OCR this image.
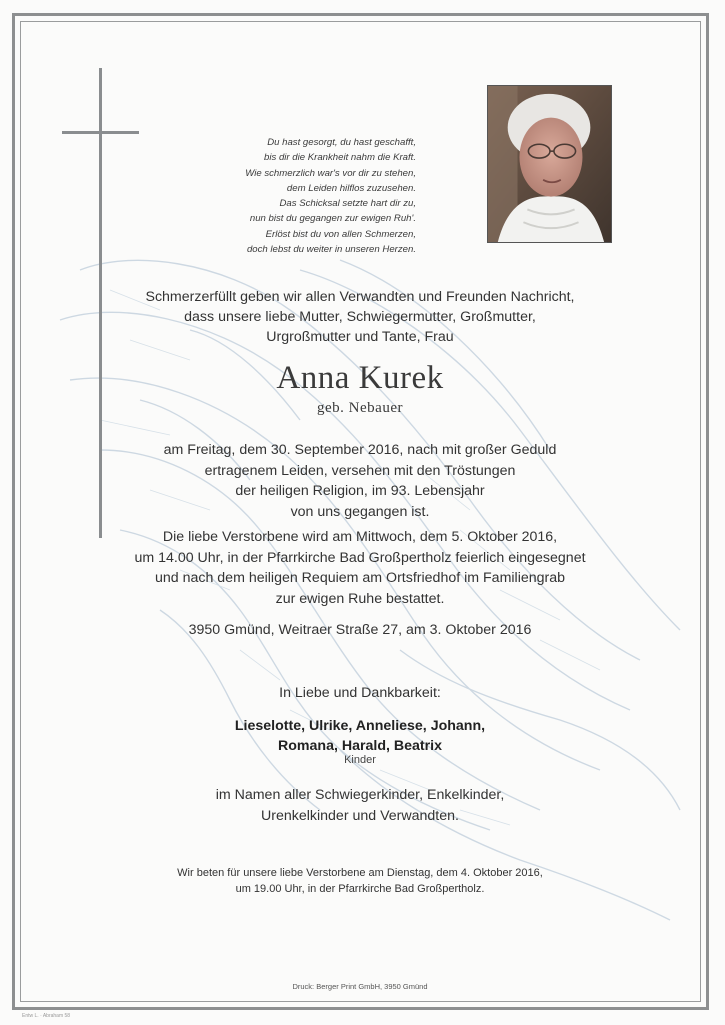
Du hast gesorgt, du hast geschafft,
bis dir die Krankheit nahm die Kraft.
Wie schmerzlich war's vor dir zu stehen,
dem Leiden hilflos zuzusehen.
Das Schicksal setzte hart dir zu,
nun bist du gegangen zur ewigen Ruh'.
Erlöst bist du von allen Schmerzen,
doch lebst du weiter in unseren Herzen.
Schmerzerfüllt geben wir allen Verwandten und Freunden Nachricht,
dass unsere liebe Mutter, Schwiegermutter, Großmutter,
Urgroßmutter und Tante, Frau
Anna Kurek
geb. Nebauer
am Freitag, dem 30. September 2016, nach mit großer Geduld
ertragenem Leiden, versehen mit den Tröstungen
der heiligen Religion, im 93. Lebensjahr
von uns gegangen ist.
Die liebe Verstorbene wird am Mittwoch, dem 5. Oktober 2016,
um 14.00 Uhr, in der Pfarrkirche Bad Großpertholz feierlich eingesegnet
und nach dem heiligen Requiem am Ortsfriedhof im Familiengrab
zur ewigen Ruhe bestattet.
3950 Gmünd, Weitraer Straße 27, am 3. Oktober 2016
In Liebe und Dankbarkeit:
Lieselotte, Ulrike, Anneliese, Johann,
Romana, Harald, Beatrix
Kinder
im Namen aller Schwiegerkinder, Enkelkinder,
Urenkelkinder und Verwandten.
Wir beten für unsere liebe Verstorbene am Dienstag, dem 4. Oktober 2016,
um 19.00 Uhr, in der Pfarrkirche Bad Großpertholz.
Druck: Berger Print GmbH, 3950 Gmünd
Entw L. · Abraham 58
